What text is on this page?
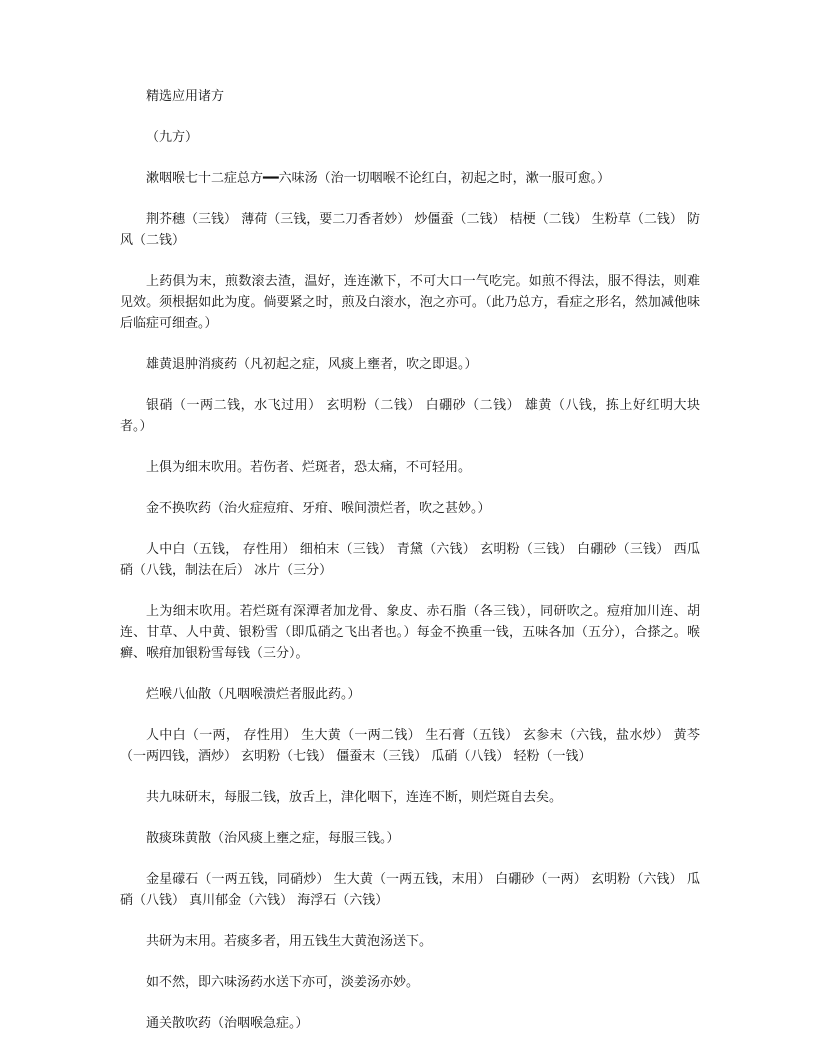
精选应用诸方

（九方）

漱咽喉七十二症总方━━六味汤（治一切咽喉不论红白，初起之时，漱一服可愈。）

荆芥穗（三钱） 薄荷（三钱，要二刀香者妙） 炒僵蚕（二钱） 桔梗（二钱） 生粉草（二钱） 防风（二钱）

上药俱为末，煎数滚去渣，温好，连连漱下，不可大口一气吃完。如煎不得法，服不得法，则难见效。须根据如此为度。倘要紧之时，煎及白滚水，泡之亦可。（此乃总方，看症之形名，然加减他味后临症可细查。）

雄黄退肿消痰药（凡初起之症，风痰上壅者，吹之即退。）

银硝（一两二钱，水飞过用） 玄明粉（二钱） 白硼砂（二钱） 雄黄（八钱，拣上好红明大块者。）

上俱为细末吹用。若伤者、烂斑者，恐太痛，不可轻用。

金不换吹药（治火症痘疳、牙疳、喉间溃烂者，吹之甚妙。）

人中白（五钱， 存性用） 细柏末（三钱） 青黛（六钱） 玄明粉（三钱） 白硼砂（三钱） 西瓜硝（八钱，制法在后） 冰片（三分）

上为细末吹用。若烂斑有深潭者加龙骨、象皮、赤石脂（各三钱），同研吹之。痘疳加川连、胡连、甘草、人中黄、银粉雪（即瓜硝之飞出者也。）每金不换重一钱，五味各加（五分），合搽之。喉癣、喉疳加银粉雪每钱（三分）。

烂喉八仙散（凡咽喉溃烂者服此药。）

人中白（一两， 存性用） 生大黄（一两二钱） 生石膏（五钱） 玄参末（六钱，盐水炒） 黄芩（一两四钱，酒炒） 玄明粉（七钱） 僵蚕末（三钱） 瓜硝（八钱） 轻粉（一钱）

共九味研末，每服二钱，放舌上，津化咽下，连连不断，则烂斑自去矣。

散痰珠黄散（治风痰上壅之症，每服三钱。）

金星礞石（一两五钱，同硝炒） 生大黄（一两五钱，末用） 白硼砂（一两） 玄明粉（六钱） 瓜硝（八钱） 真川郁金（六钱） 海浮石（六钱）

共研为末用。若痰多者，用五钱生大黄泡汤送下。

如不然，即六味汤药水送下亦可，淡姜汤亦妙。

通关散吹药（治咽喉急症。）
